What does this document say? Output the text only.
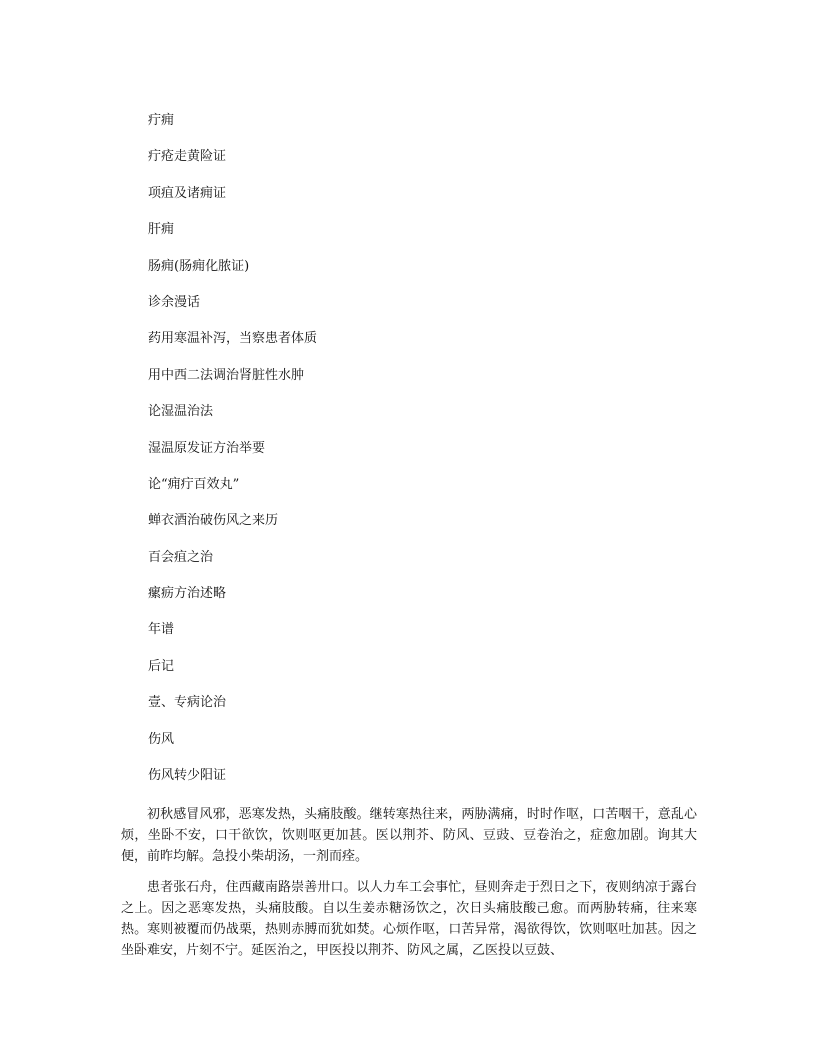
疔痈
疔疮走黄险证
项疽及诸痈证
肝痈
肠痈(肠痈化脓证)
诊余漫话
药用寒温补泻，当察患者体质
用中西二法调治肾脏性水肿
论湿温治法
湿温原发证方治举要
论“痈疔百效丸”
蝉衣酒治破伤风之来历
百会疽之治
瘰疬方治述略
年谱
后记
壹、专病论治
伤风
伤风转少阳证

初秋感冒风邪，恶寒发热，头痛肢酸。继转寒热往来，两胁满痛，时时作呕，口苦咽干，意乱心烦，坐卧不安，口干欲饮，饮则呕更加甚。医以荆芥、防风、豆豉、豆卷治之，症愈加剧。询其大便，前昨均解。急投小柴胡汤，一剂而痊。

患者张石舟，住西藏南路崇善卅口。以人力车工会事忙，昼则奔走于烈日之下，夜则纳凉于露台之上。因之恶寒发热，头痛肢酸。自以生姜赤糖汤饮之，次日头痛肢酸己愈。而两胁转痛，往来寒热。寒则被覆而仍战栗，热则赤膊而犹如焚。心烦作呕，口苦异常，渴欲得饮，饮则呕吐加甚。因之坐卧难安，片刻不宁。延医治之，甲医投以荆芥、防风之属，乙医投以豆鼓、
